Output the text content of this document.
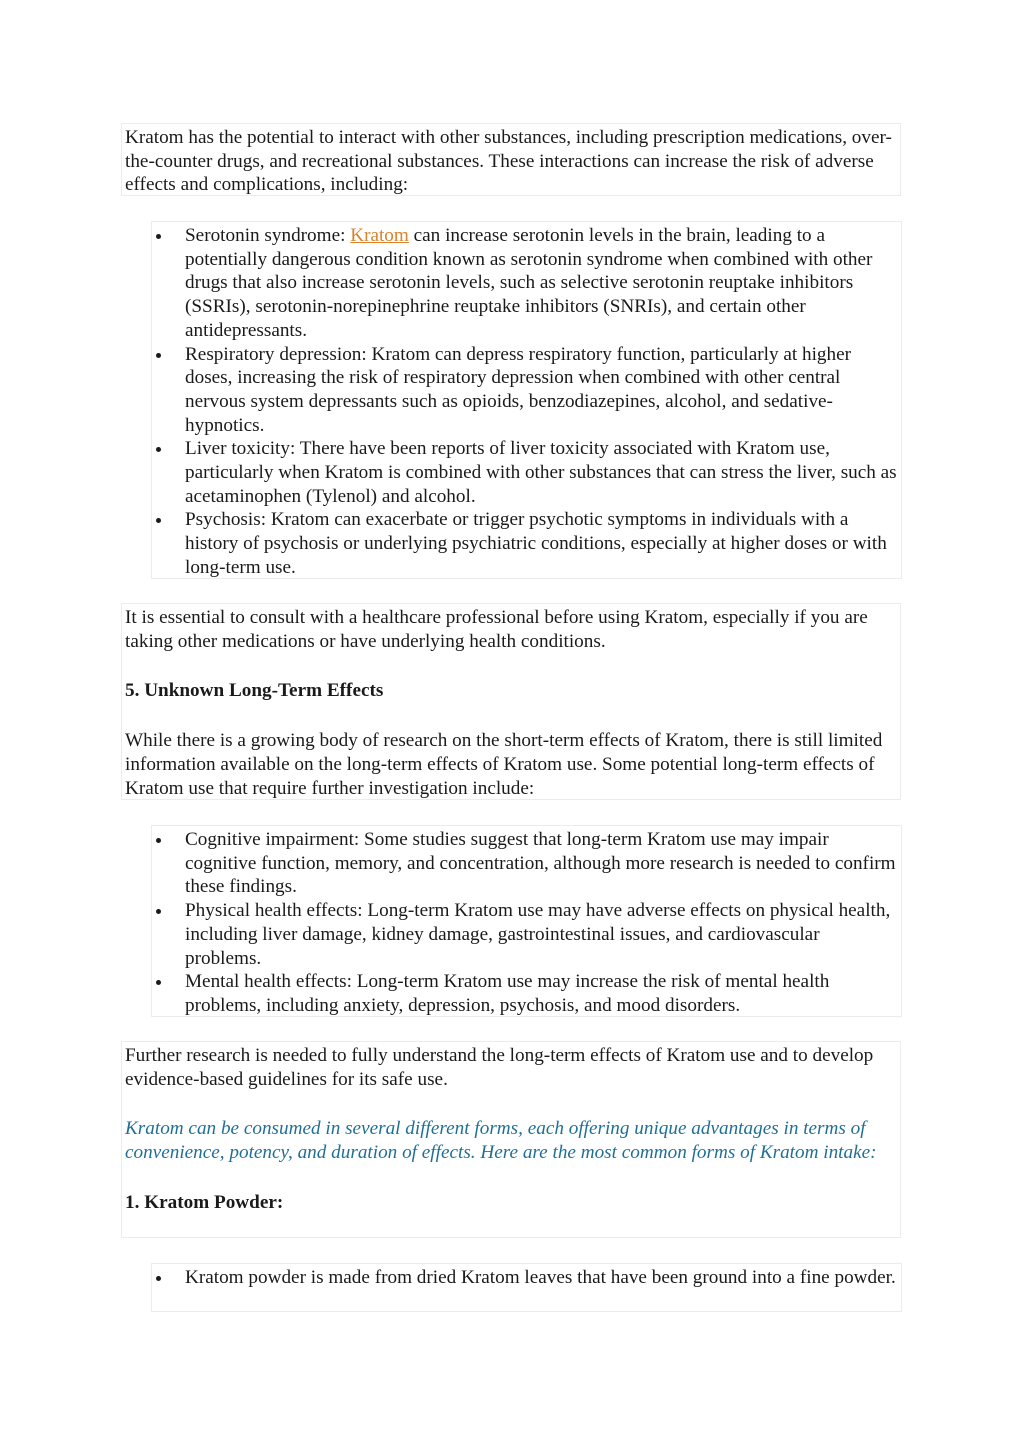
Kratom has the potential to interact with other substances, including prescription medications, over-the-counter drugs, and recreational substances. These interactions can increase the risk of adverse effects and complications, including:

Serotonin syndrome: Kratom can increase serotonin levels in the brain, leading to a potentially dangerous condition known as serotonin syndrome when combined with other drugs that also increase serotonin levels, such as selective serotonin reuptake inhibitors (SSRIs), serotonin-norepinephrine reuptake inhibitors (SNRIs), and certain other antidepressants.
Respiratory depression: Kratom can depress respiratory function, particularly at higher doses, increasing the risk of respiratory depression when combined with other central nervous system depressants such as opioids, benzodiazepines, alcohol, and sedative-hypnotics.
Liver toxicity: There have been reports of liver toxicity associated with Kratom use, particularly when Kratom is combined with other substances that can stress the liver, such as acetaminophen (Tylenol) and alcohol.
Psychosis: Kratom can exacerbate or trigger psychotic symptoms in individuals with a history of psychosis or underlying psychiatric conditions, especially at higher doses or with long-term use.

It is essential to consult with a healthcare professional before using Kratom, especially if you are taking other medications or have underlying health conditions.

5. Unknown Long-Term Effects

While there is a growing body of research on the short-term effects of Kratom, there is still limited information available on the long-term effects of Kratom use. Some potential long-term effects of Kratom use that require further investigation include:

Cognitive impairment: Some studies suggest that long-term Kratom use may impair cognitive function, memory, and concentration, although more research is needed to confirm these findings.
Physical health effects: Long-term Kratom use may have adverse effects on physical health, including liver damage, kidney damage, gastrointestinal issues, and cardiovascular problems.
Mental health effects: Long-term Kratom use may increase the risk of mental health problems, including anxiety, depression, psychosis, and mood disorders.

Further research is needed to fully understand the long-term effects of Kratom use and to develop evidence-based guidelines for its safe use.

Kratom can be consumed in several different forms, each offering unique advantages in terms of convenience, potency, and duration of effects. Here are the most common forms of Kratom intake:

1. Kratom Powder:

Kratom powder is made from dried Kratom leaves that have been ground into a fine powder.
